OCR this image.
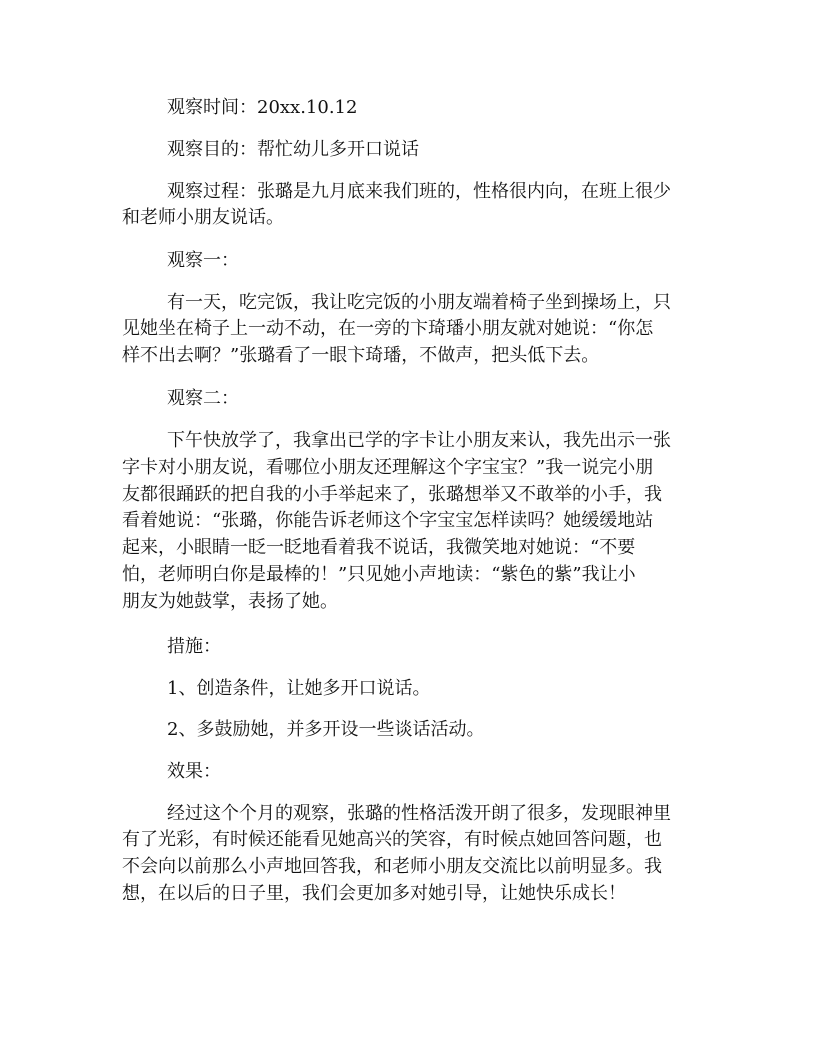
观察时间：20xx.10.12
观察目的：帮忙幼儿多开口说话
观察过程：张璐是九月底来我们班的，性格很内向，在班上很少
和老师小朋友说话。
观察一：
有一天，吃完饭，我让吃完饭的小朋友端着椅子坐到操场上，只
见她坐在椅子上一动不动，在一旁的卞琦璠小朋友就对她说：“你怎
样不出去啊？”张璐看了一眼卞琦璠，不做声，把头低下去。
观察二：
下午快放学了，我拿出已学的字卡让小朋友来认，我先出示一张
字卡对小朋友说，看哪位小朋友还理解这个字宝宝？”我一说完小朋
友都很踊跃的把自我的小手举起来了，张璐想举又不敢举的小手，我
看着她说：“张璐，你能告诉老师这个字宝宝怎样读吗？她缓缓地站
起来，小眼睛一眨一眨地看着我不说话，我微笑地对她说：“不要
怕，老师明白你是最棒的！”只见她小声地读：“紫色的紫”我让小
朋友为她鼓掌，表扬了她。
措施：
1、创造条件，让她多开口说话。
2、多鼓励她，并多开设一些谈话活动。
效果：
经过这个个月的观察，张璐的性格活泼开朗了很多，发现眼神里
有了光彩，有时候还能看见她高兴的笑容，有时候点她回答问题，也
不会向以前那么小声地回答我，和老师小朋友交流比以前明显多。我
想，在以后的日子里，我们会更加多对她引导，让她快乐成长！
